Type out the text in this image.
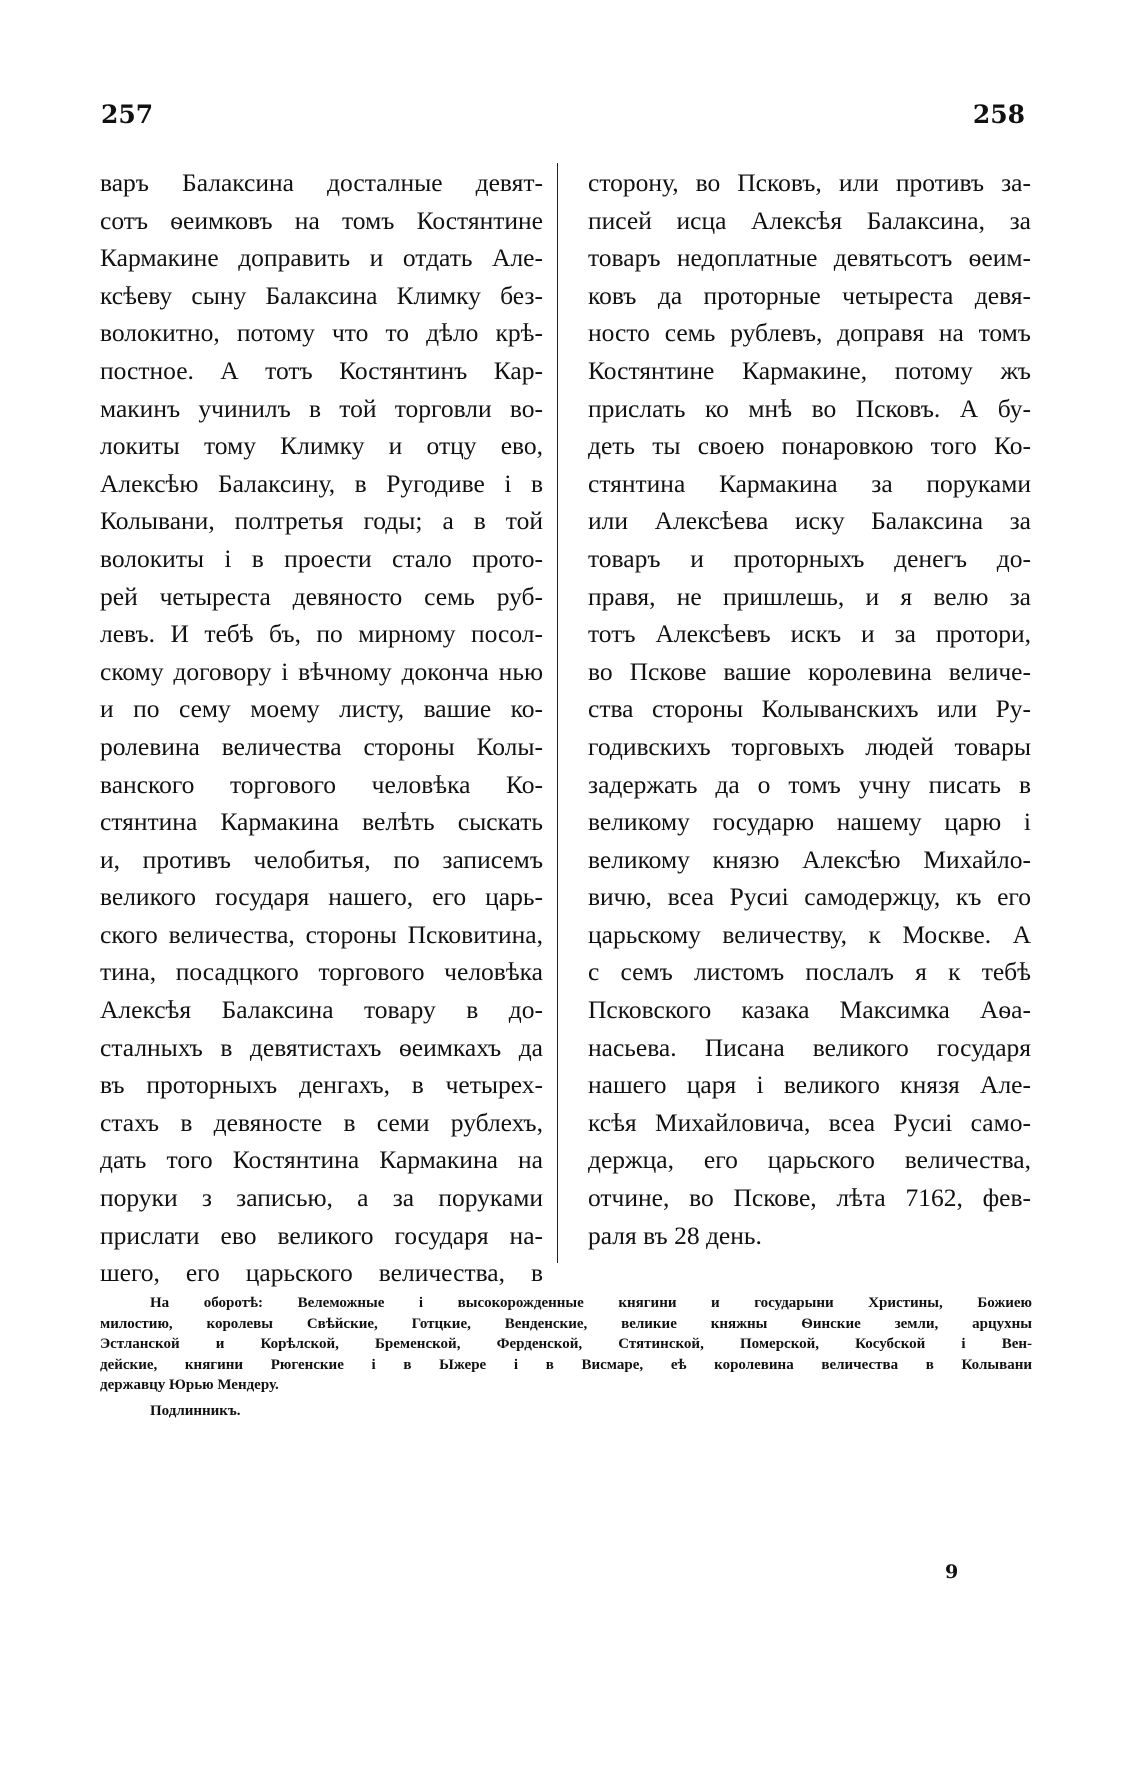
257	258
варъ Балаксина досталные девят-
сотъ ѳеимковъ на томъ Костянтине
Кармакине доправить и отдать Але-
ксѣеву сыну Балаксина Климку без-
волокитно, потому что то дѣло крѣ-
постное. А тотъ Костянтинъ Кар-
макинъ учинилъ в той торговли во-
локиты тому Климку и отцу ево,
Алексѣю Балаксину, в Ругодиве і в
Колывани, полтретья годы; а в той
волокиты і в проести стало прото-
рей четыреста девяносто семь руб-
левъ. И тебѣ бъ, по мирному посол-
скому договору і вѣчному доконча нью
и по сему моему листу, вашие ко-
ролевина величества стороны Колы-
ванского торгового человѣка Ко-
стянтина Кармакина велѣть сыскать
и, противъ челобитья, по записемъ
великого государя нашего, его царь-
ского величества, стороны Псковитина,
тина, посадцкого торгового человѣка
Алексѣя Балаксина товару в до-
сталныхъ в девятистахъ ѳеимкахъ да
въ проторныхъ денгахъ, в четырех-
стахъ в девяносте в семи рублехъ,
дать того Костянтина Кармакина на
поруки з записью, а за поруками
прислати ево великого государя на-
шего, его царьского величества, в
сторону, во Псковъ, или противъ за-
писей исца Алексѣя Балаксина, за
товаръ недоплатные девятьсотъ ѳеим-
ковъ да проторные четыреста девя-
носто семь рублевъ, доправя на томъ
Костянтине Кармакине, потому жъ
прислать ко мнѣ во Псковъ. А бу-
деть ты своею понаровкою того Ко-
стянтина Кармакина за поруками
или Алексѣева иску Балаксина за
товаръ и проторныхъ денегъ до-
правя, не пришлешь, и я велю за
тотъ Алексѣевъ искъ и за протори,
во Пскове вашие королевина величе-
ства стороны Колыванскихъ или Ру-
годивскихъ торговыхъ людей товары
задержать да о томъ учну писать в
великому государю нашему царю і
великому князю Алексѣю Михайло-
вичю, всеа Русиі самодержцу, къ его
царьскому величеству, к Москве. А
с семъ листомъ послалъ я к тебѣ
Псковского казака Максимка Аѳа-
насьева. Писана великого государя
нашего царя і великого князя Але-
ксѣя Михайловича, всеа Русиі само-
держца, его царьского величества,
отчине, во Пскове, лѣта 7162, фев-
раля въ 28 день.
На оборотѣ: Велеможные і высокорожденные княгини и государыни Христины, Божиею
милостию, королевы Свѣйские, Готцкие, Венденские, великие княжны Ѳинские земли, арцухны
Эстланской и Корѣлской, Бременской, Ферденской, Стятинской, Померской, Косубской і Вен-
дейские, княгини Рюгенские і в Ыжере і в Висмаре, еѣ королевина величества в Колывани
державцу Юрью Мендеру.
Подлинникъ.
9
